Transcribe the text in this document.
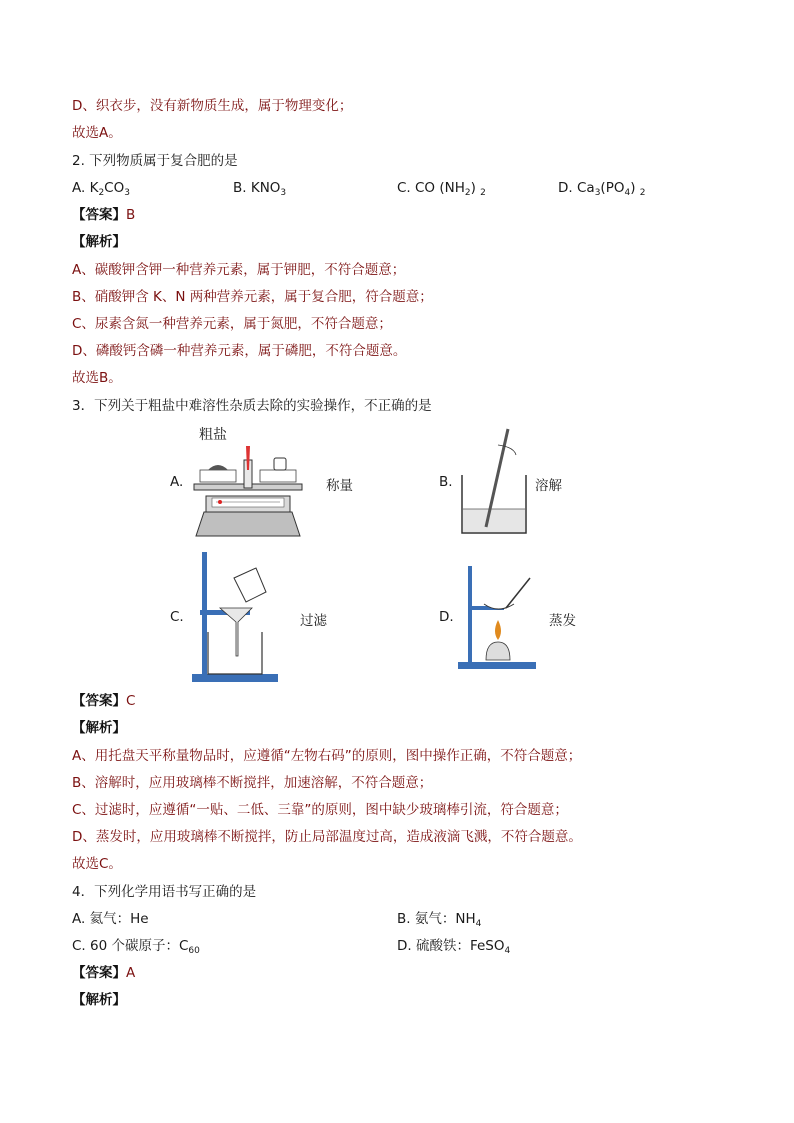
D、织衣步，没有新物质生成，属于物理变化；
故选A。
2. 下列物质属于复合肥的是
A. $K_2CO_3$	B. $KNO_3$	C. CO $(NH_2)$ $_2$	D. $Ca_3(PO_4)$ $_2$
【答案】B
【解析】
A、碳酸钾含钾一种营养元素，属于钾肥，不符合题意；
B、硝酸钾含 K、N 两种营养元素，属于复合肥，符合题意；
C、尿素含氮一种营养元素，属于氮肥，不符合题意；
D、磷酸钙含磷一种营养元素，属于磷肥，不符合题意。
故选B。
3．下列关于粗盐中难溶性杂质去除的实验操作，不正确的是
A.
粗盐
称量	B.	溶解
C.	过滤	D.	蒸发
【答案】C
【解析】
A、用托盘天平称量物品时，应遵循“左物右码”的原则，图中操作正确，不符合题意；
B、溶解时，应用玻璃棒不断搅拌，加速溶解，不符合题意；
C、过滤时，应遵循“一贴、二低、三靠”的原则，图中缺少玻璃棒引流，符合题意；
D、蒸发时，应用玻璃棒不断搅拌，防止局部温度过高，造成液滴飞溅，不符合题意。
故选C。
4．下列化学用语书写正确的是
A. 氦气：He	B. 氨气：$NH_4$
C. 60 个碳原子：$C_{60}$	D. 硫酸铁：FeSO$_4$
【答案】A
【解析】
